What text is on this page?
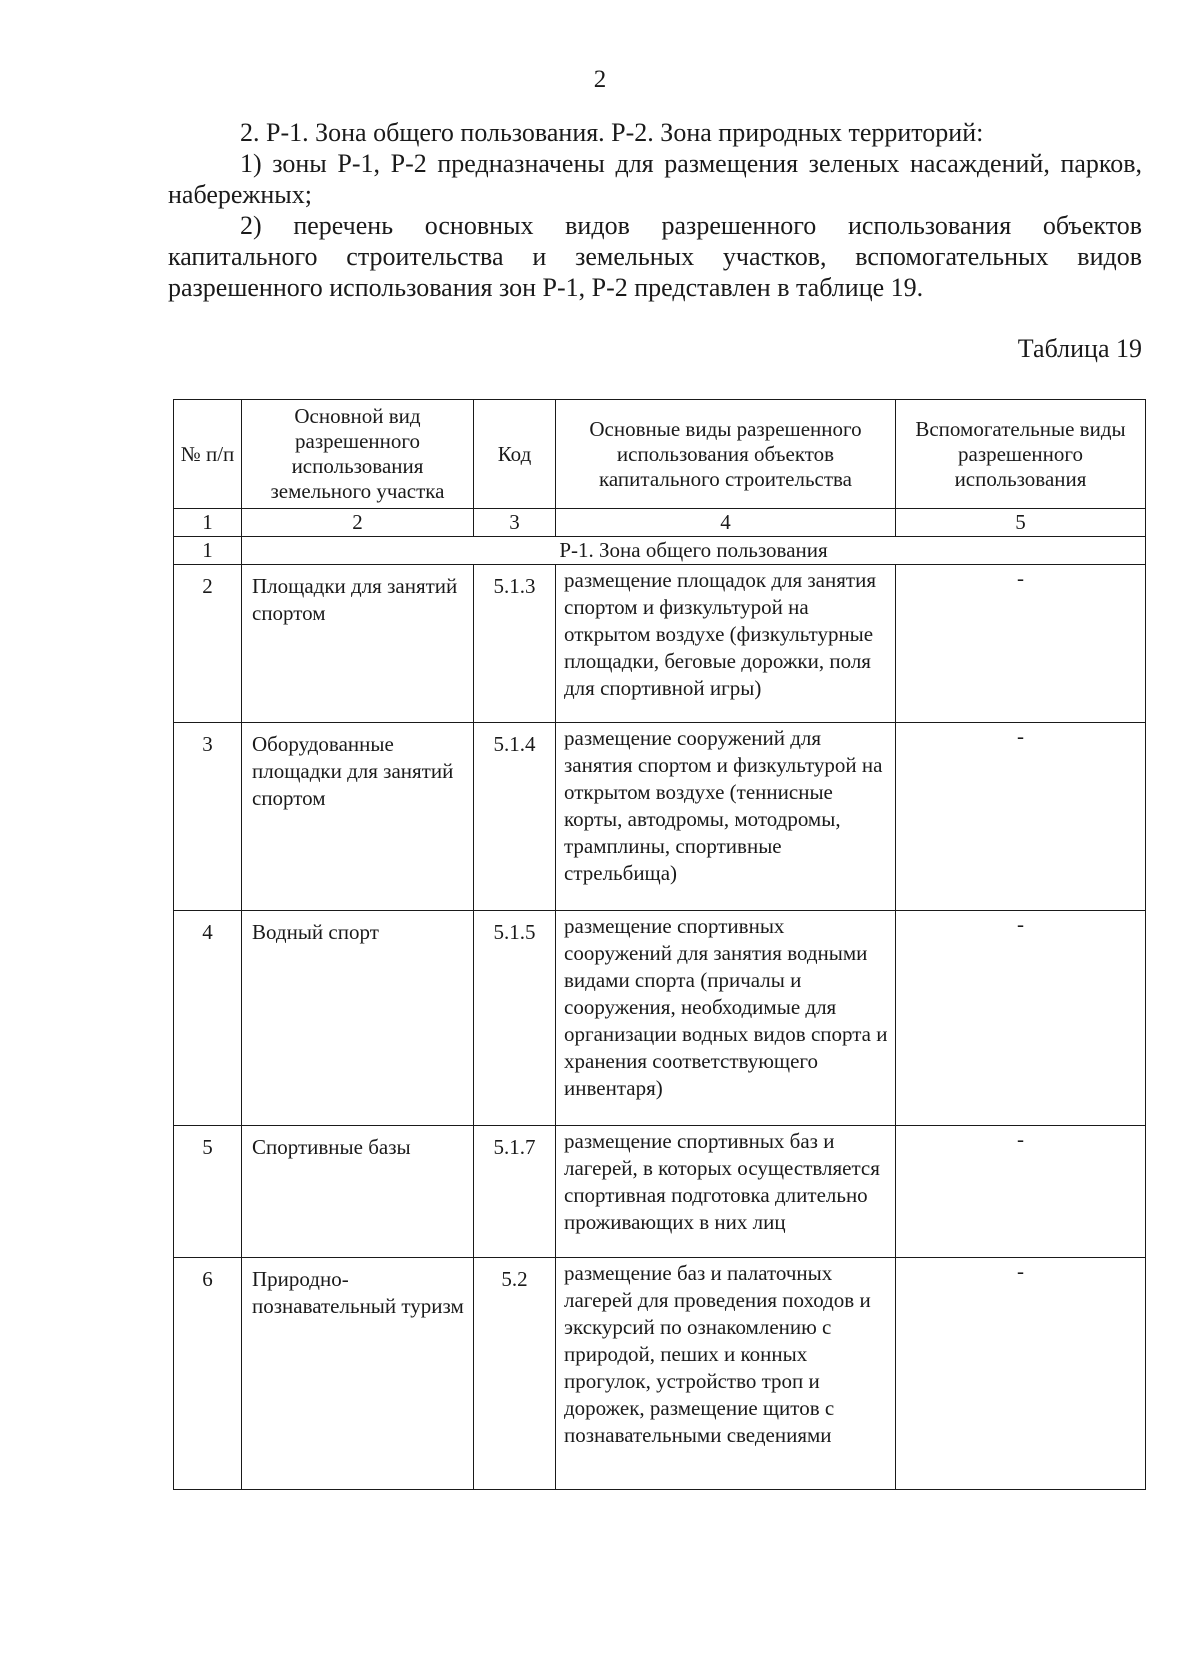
2

2. Р-1. Зона общего пользования. Р-2. Зона природных территорий:

1) зоны Р-1, Р-2 предназначены для размещения зеленых насаждений, парков, набережных;

2) перечень основных видов разрешенного использования объектов капитального строительства и земельных участков, вспомогательных видов разрешенного использования зон Р-1, Р-2 представлен в таблице 19.

Таблица 19
№ п/п	Основной вид разрешенного использования земельного участка	Код	Основные виды разрешенного использования объектов капитального строительства	Вспомогательные виды разрешенного использования
1	2	3	4	5
1	Р-1. Зона общего пользования			
2	Площадки для занятий спортом	5.1.3	размещение площадок для занятия спортом и физкультурой на открытом воздухе (физкультурные площадки, беговые дорожки, поля для спортивной игры)	-
3	Оборудованные площадки для занятий спортом	5.1.4	размещение сооружений для занятия спортом и физкультурой на открытом воздухе (теннисные корты, автодромы, мотодромы, трамплины, спортивные стрельбища)	-
4	Водный спорт	5.1.5	размещение спортивных сооружений для занятия водными видами спорта (причалы и сооружения, необходимые для организации водных видов спорта и хранения соответствующего инвентаря)	-
5	Спортивные базы	5.1.7	размещение спортивных баз и лагерей, в которых осуществляется спортивная подготовка длительно проживающих в них лиц	-
6	Природно-познавательный туризм	5.2	размещение баз и палаточных лагерей для проведения походов и экскурсий по ознакомлению с природой, пеших и конных прогулок, устройство троп и дорожек, размещение щитов с познавательными сведениями	-
